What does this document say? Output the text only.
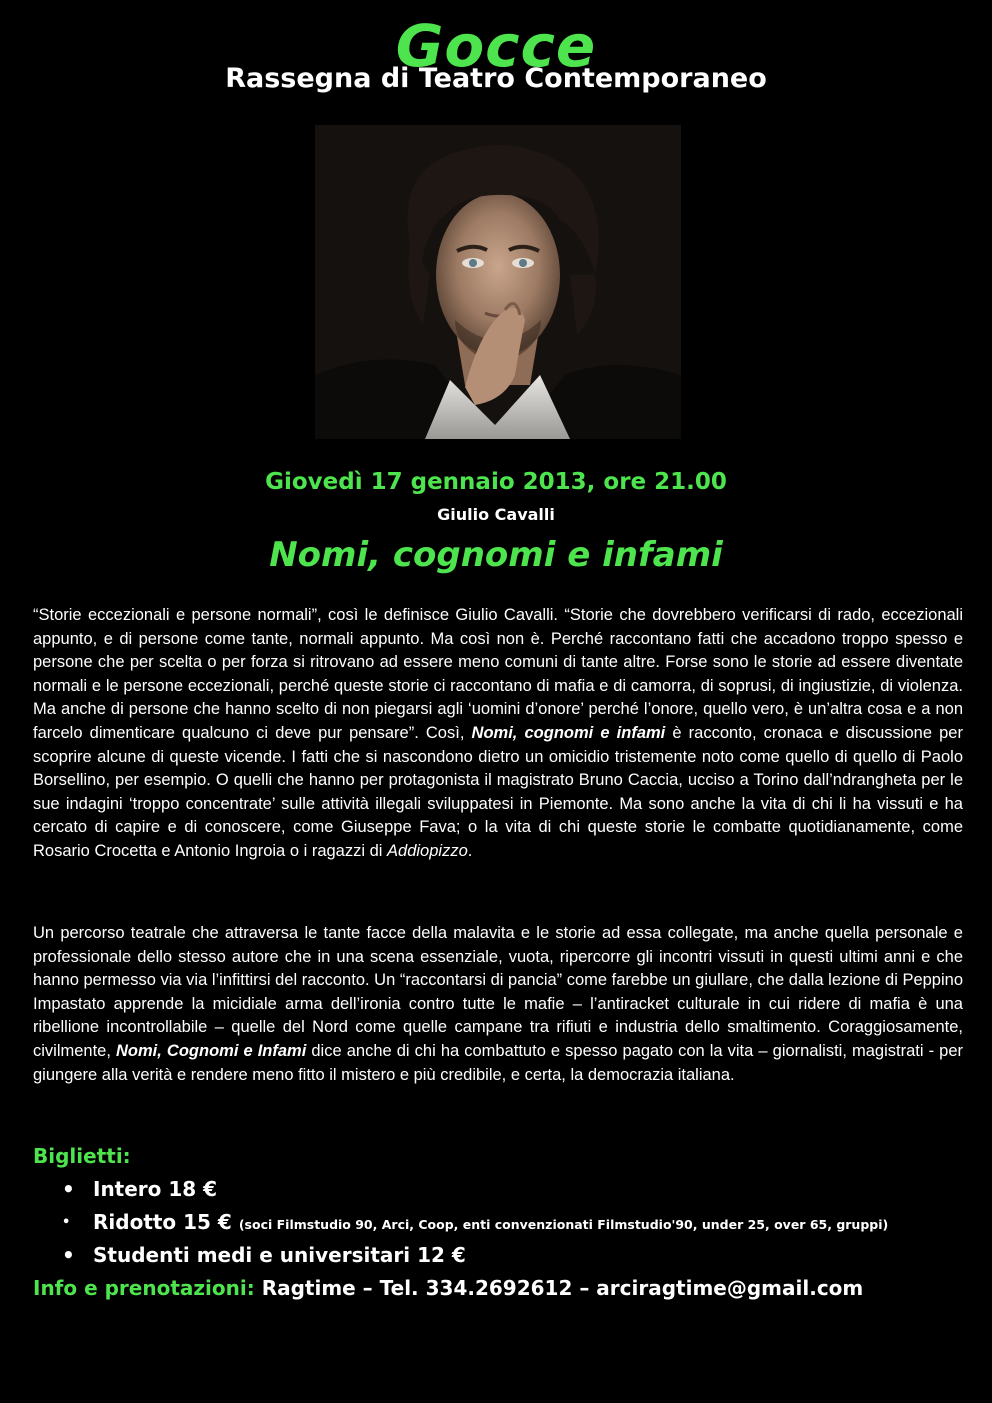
Gocce
Rassegna di Teatro Contemporaneo
Giovedì 17 gennaio 2013, ore 21.00
Giulio Cavalli
Nomi, cognomi e infami
“Storie eccezionali e persone normali”, così le definisce Giulio Cavalli. “Storie che dovrebbero verificarsi di rado, eccezionali appunto, e di persone come tante, normali appunto. Ma così non è. Perché raccontano fatti che accadono troppo spesso e persone che per scelta o per forza si ritrovano ad essere meno comuni di tante altre. Forse sono le storie ad essere diventate normali e le persone eccezionali, perché queste storie ci raccontano di mafia e di camorra, di soprusi, di ingiustizie, di violenza. Ma anche di persone che hanno scelto di non piegarsi agli ‘uomini d’onore’ perché l’onore, quello vero, è un’altra cosa e a non farcelo dimenticare qualcuno ci deve pur pensare”. Così, Nomi, cognomi e infami è racconto, cronaca e discussione per scoprire alcune di queste vicende. I fatti che si nascondono dietro un omicidio tristemente noto come quello di quello di Paolo Borsellino, per esempio. O quelli che hanno per protagonista il magistrato Bruno Caccia, ucciso a Torino dall’ndrangheta per le sue indagini ‘troppo concentrate’ sulle attività illegali sviluppatesi in Piemonte. Ma sono anche la vita di chi li ha vissuti e ha cercato di capire e di conoscere, come Giuseppe Fava; o la vita di chi queste storie le combatte quotidianamente, come Rosario Crocetta e Antonio Ingroia o i ragazzi di Addiopizzo.
Un percorso teatrale che attraversa le tante facce della malavita e le storie ad essa collegate, ma anche quella personale e professionale dello stesso autore che in una scena essenziale, vuota, ripercorre gli incontri vissuti in questi ultimi anni e che hanno permesso via via l’infittirsi del racconto. Un “raccontarsi di pancia” come farebbe un giullare, che dalla lezione di Peppino Impastato apprende la micidiale arma dell’ironia contro tutte le mafie – l’antiracket culturale in cui ridere di mafia è una ribellione incontrollabile – quelle del Nord come quelle campane tra rifiuti e industria dello smaltimento. Coraggiosamente, civilmente, Nomi, Cognomi e Infami dice anche di chi ha combattuto e spesso pagato con la vita – giornalisti, magistrati - per giungere alla verità e rendere meno fitto il mistero e più credibile, e certa, la democrazia italiana.
Biglietti:
• Intero 18 €
• Ridotto 15 € (soci Filmstudio 90, Arci, Coop, enti convenzionati Filmstudio'90, under 25, over 65, gruppi)
• Studenti medi e universitari 12 €
Info e prenotazioni: Ragtime – Tel. 334.2692612 – arciragtime@gmail.com
